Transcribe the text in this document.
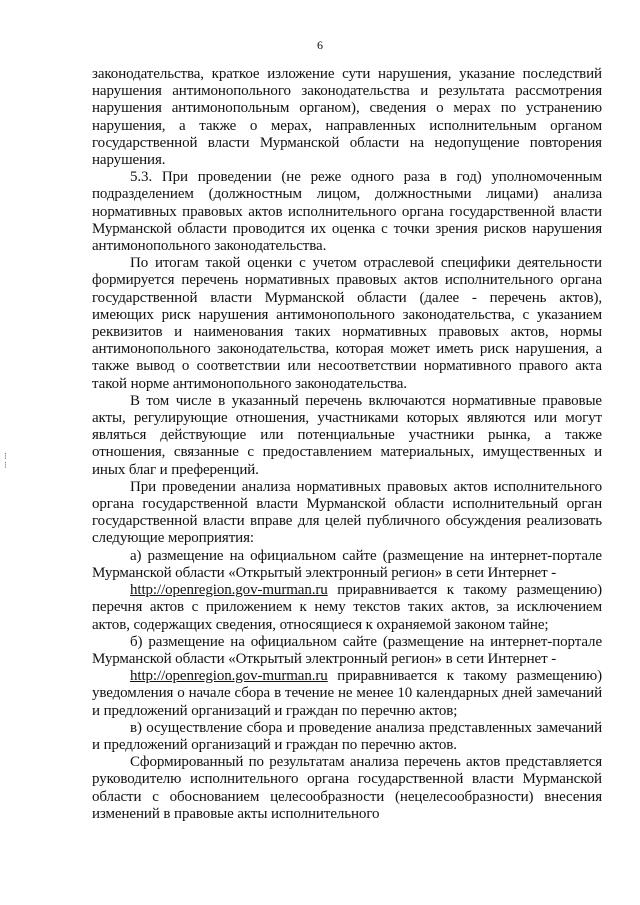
6
⁝
⁝

законодательства, краткое изложение сути нарушения, указание последствий нарушения антимонопольного законодательства и результата рассмотрения нарушения антимонопольным органом), сведения о мерах по устранению нарушения, а также о мерах, направленных исполнительным органом государственной власти Мурманской области на недопущение повторения нарушения.

5.3. При проведении (не реже одного раза в год) уполномоченным подразделением (должностным лицом, должностными лицами) анализа нормативных правовых актов исполнительного органа государственной власти Мурманской области проводится их оценка с точки зрения рисков нарушения антимонопольного законодательства.

По итогам такой оценки с учетом отраслевой специфики деятельности формируется перечень нормативных правовых актов исполнительного органа государственной власти Мурманской области (далее - перечень актов), имеющих риск нарушения антимонопольного законодательства, с указанием реквизитов и наименования таких нормативных правовых актов, нормы антимонопольного законодательства, которая может иметь риск нарушения, а также вывод о соответствии или несоответствии нормативного правого акта такой норме антимонопольного законодательства.

В том числе в указанный перечень включаются нормативные правовые акты, регулирующие отношения, участниками которых являются или могут являться действующие или потенциальные участники рынка, а также отношения, связанные с предоставлением материальных, имущественных и иных благ и преференций.

При проведении анализа нормативных правовых актов исполнительного органа государственной власти Мурманской области исполнительный орган государственной власти вправе для целей публичного обсуждения реализовать следующие мероприятия:

а) размещение на официальном сайте (размещение на интернет-портале Мурманской области «Открытый электронный регион» в сети Интернет -
http://openregion.gov-murman.ru приравнивается к такому размещению)
перечня актов с приложением к нему текстов таких актов, за исключением актов, содержащих сведения, относящиеся к охраняемой законом тайне;

б) размещение на официальном сайте (размещение на интернет-портале Мурманской области «Открытый электронный регион» в сети Интернет -
http://openregion.gov-murman.ru приравнивается к такому размещению)
уведомления о начале сбора в течение не менее 10 календарных дней замечаний и предложений организаций и граждан по перечню актов;

в) осуществление сбора и проведение анализа представленных замечаний и предложений организаций и граждан по перечню актов.

Сформированный по результатам анализа перечень актов представляется руководителю исполнительного органа государственной власти Мурманской области с обоснованием целесообразности (нецелесообразности) внесения изменений в правовые акты исполнительного
